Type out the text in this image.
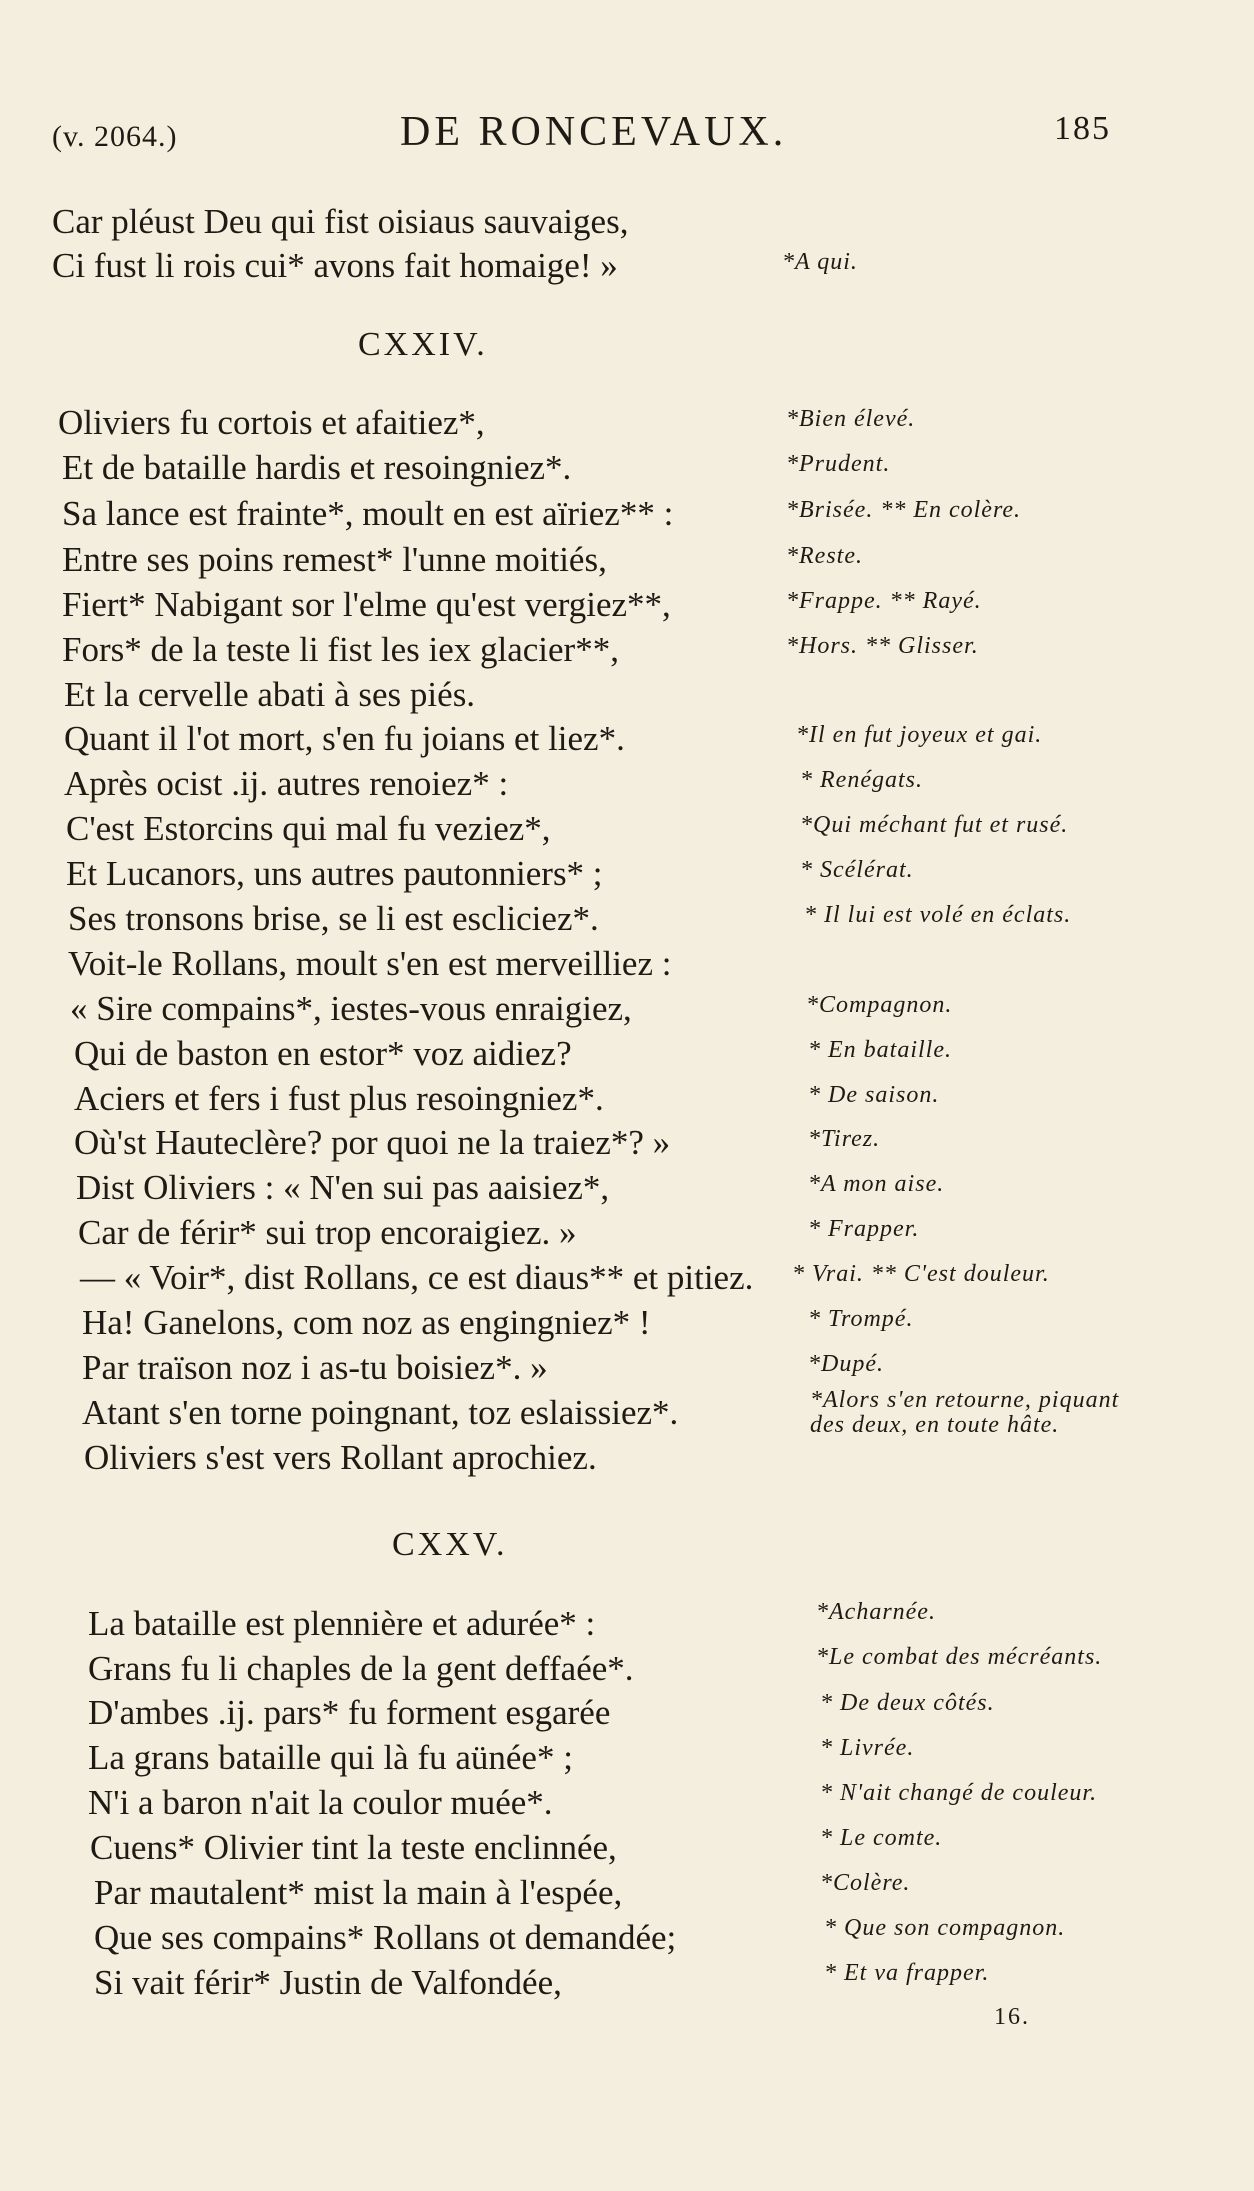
(v. 2064.)	DE RONCEVAUX.	185
Car pléust Deu qui fist oisiaus sauvaiges,
Ci fust li rois cui* avons fait homaige! »	*A qui.
CXXIV.
Oliviers fu cortois et afaitiez*,	*Bien élevé.
Et de bataille hardis et resoingniez*.	*Prudent.
Sa lance est frainte*, moult en est aïriez** :	*Brisée. ** En colère.
Entre ses poins remest* l'unne moitiés,	*Reste.
Fiert* Nabigant sor l'elme qu'est vergiez**,	*Frappe. ** Rayé.
Fors* de la teste li fist les iex glacier**,	*Hors. ** Glisser.
Et la cervelle abati à ses piés.
Quant il l'ot mort, s'en fu joians et liez*.	*Il en fut joyeux et gai.
Après ocist .ij. autres renoiez* :	* Renégats.
C'est Estorcins qui mal fu veziez*,	*Qui méchant fut et rusé.
Et Lucanors, uns autres pautonniers* ;	* Scélérat.
Ses tronsons brise, se li est escliciez*.	* Il lui est volé en éclats.
Voit-le Rollans, moult s'en est merveilliez :
« Sire compains*, iestes-vous enraigiez,	*Compagnon.
Qui de baston en estor* voz aidiez?	* En bataille.
Aciers et fers i fust plus resoingniez*.	* De saison.
Où'st Hauteclère? por quoi ne la traiez*? »	*Tirez.
Dist Oliviers : « N'en sui pas aaisiez*,	*A mon aise.
Car de férir* sui trop encoraigiez. »	* Frapper.
— « Voir*, dist Rollans, ce est diaus** et pitiez. * Vrai. ** C'est douleur.
Ha! Ganelons, com noz as engingniez* !	* Trompé.
Par traïson noz i as-tu boisiez*. »	*Dupé.
Atant s'en torne poingnant, toz eslaissiez*.	*Alors s'en retourne, piquant des deux, en toute hâte.
Oliviers s'est vers Rollant aprochiez.
CXXV.
La bataille est plennière et adurée* :	*Acharnée.
Grans fu li chaples de la gent deffaée*.	*Le combat des mécréants.
D'ambes .ij. pars* fu forment esgarée	* De deux côtés.
La grans bataille qui là fu aünée* ;	* Livrée.
N'i a baron n'ait la coulor muée*.	* N'ait changé de couleur.
Cuens* Olivier tint la teste enclinnée,	* Le comte.
Par mautalent* mist la main à l'espée,	*Colère.
Que ses compains* Rollans ot demandée;	* Que son compagnon.
Si vait férir* Justin de Valfondée,	* Et va frapper.
16.
